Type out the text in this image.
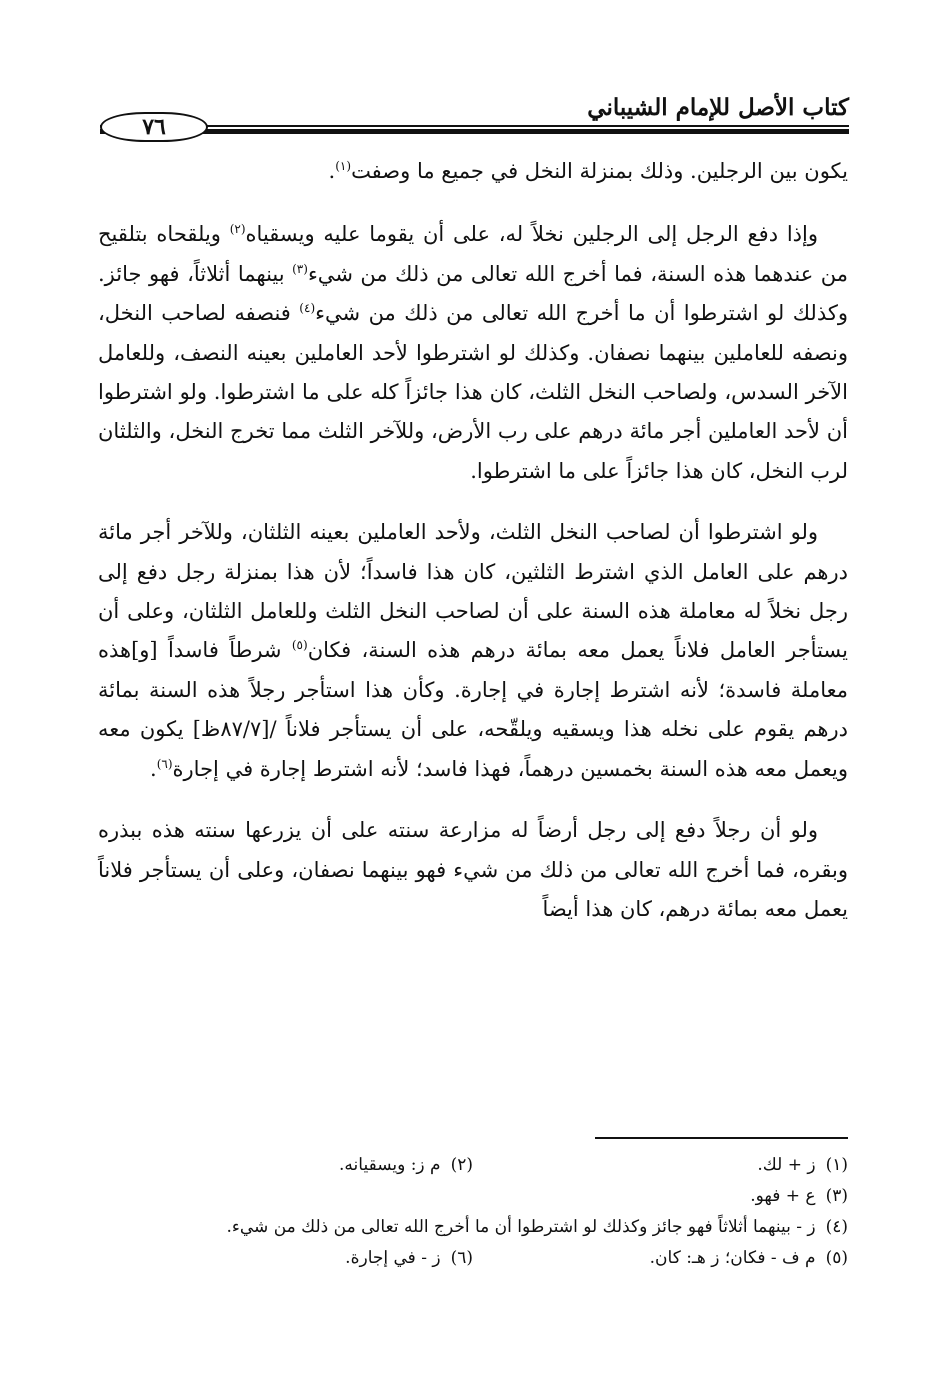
كتاب الأصل للإمام الشيباني
٧٦

يكون بين الرجلين. وذلك بمنزلة النخل في جميع ما وصفت$^{(١)}$.

وإذا دفع الرجل إلى الرجلين نخلاً له، على أن يقوما عليه ويسقياه$^{(٢)}$ ويلقحاه بتلقيح من عندهما هذه السنة، فما أخرج الله تعالى من ذلك من شيء$^{(٣)}$ بينهما أثلاثاً، فهو جائز. وكذلك لو اشترطوا أن ما أخرج الله تعالى من ذلك من شيء$^{(٤)}$ فنصفه لصاحب النخل، ونصفه للعاملين بينهما نصفان. وكذلك لو اشترطوا لأحد العاملين بعينه النصف، وللعامل الآخر السدس، ولصاحب النخل الثلث، كان هذا جائزاً كله على ما اشترطوا. ولو اشترطوا أن لأحد العاملين أجر مائة درهم على رب الأرض، وللآخر الثلث مما تخرج النخل، والثلثان لرب النخل، كان هذا جائزاً على ما اشترطوا.

ولو اشترطوا أن لصاحب النخل الثلث، ولأحد العاملين بعينه الثلثان، وللآخر أجر مائة درهم على العامل الذي اشترط الثلثين، كان هذا فاسداً؛ لأن هذا بمنزلة رجل دفع إلى رجل نخلاً له معاملة هذه السنة على أن لصاحب النخل الثلث وللعامل الثلثان، وعلى أن يستأجر العامل فلاناً يعمل معه بمائة درهم هذه السنة، فكان$^{(٥)}$ شرطاً فاسداً [و]هذه معاملة فاسدة؛ لأنه اشترط إجارة في إجارة. وكأن هذا استأجر رجلاً هذه السنة بمائة درهم يقوم على نخله هذا ويسقيه ويلقّحه، على أن يستأجر فلاناً /[٨٧/٧ظ] يكون معه ويعمل معه هذه السنة بخمسين درهماً، فهذا فاسد؛ لأنه اشترط إجارة في إجارة$^{(٦)}$.

ولو أن رجلاً دفع إلى رجل أرضاً له مزارعة سنته على أن يزرعها سنته هذه ببذره وبقره، فما أخرج الله تعالى من ذلك من شيء فهو بينهما نصفان، وعلى أن يستأجر فلاناً يعمل معه بمائة درهم، كان هذا أيضاً

(١)ز + لك.
(٢)م ز: ويسقيانه.
(٣)ع + فهو.
(٤)ز - بينهما أثلاثاً فهو جائز وكذلك لو اشترطوا أن ما أخرج الله تعالى من ذلك من شيء.
(٥)م ف - فكان؛ ز هـ: كان.
(٦)ز - في إجارة.
